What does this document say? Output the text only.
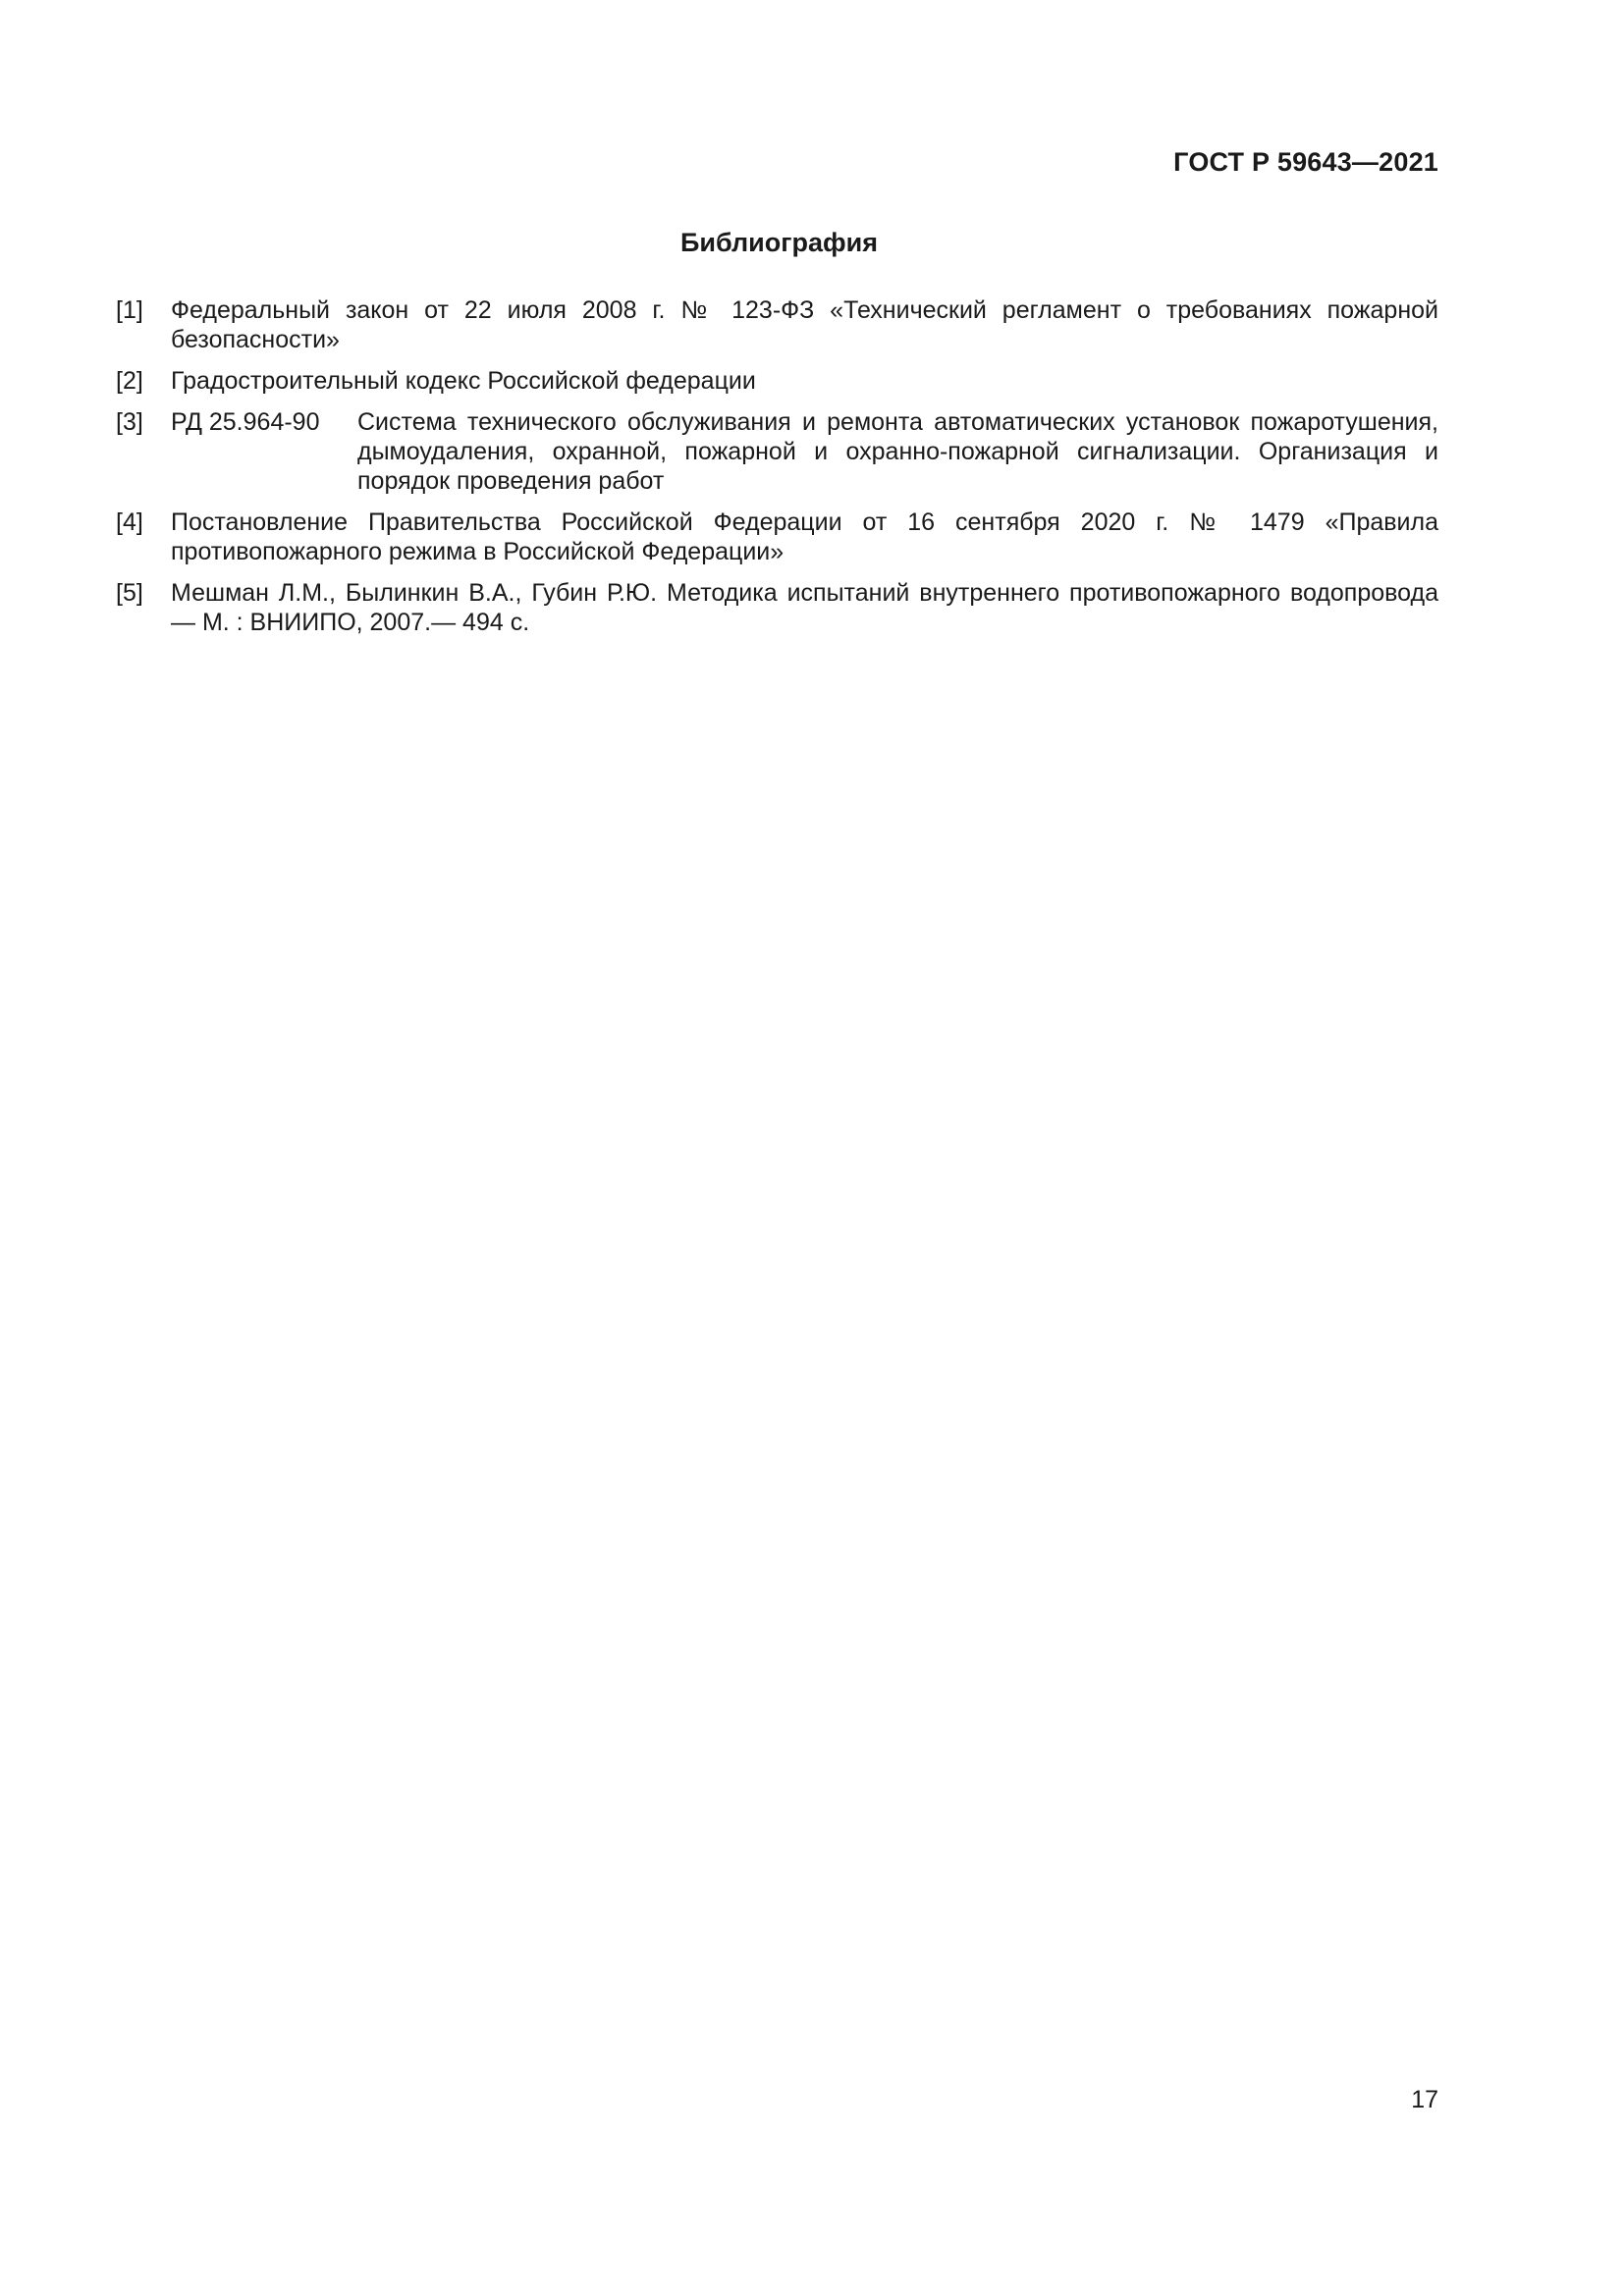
ГОСТ Р 59643—2021
Библиография
[1] Федеральный закон от 22 июля 2008 г. № 123-ФЗ «Технический регламент о требованиях пожарной безопасности»
[2] Градостроительный кодекс Российской федерации
[3]	РД 25.964-90	Система технического обслуживания и ремонта автоматических установок пожаротушения, дымоудаления, охранной, пожарной и охранно-пожарной сигнализации. Организация и порядок проведения работ
[4] Постановление Правительства Российской Федерации от 16 сентября 2020 г. № 1479 «Правила противопожарного режима в Российской Федерации»
[5] Мешман Л.М., Былинкин В.А., Губин Р.Ю. Методика испытаний внутреннего противопожарного водопровода — М. : ВНИИПО, 2007.— 494 с.
17
